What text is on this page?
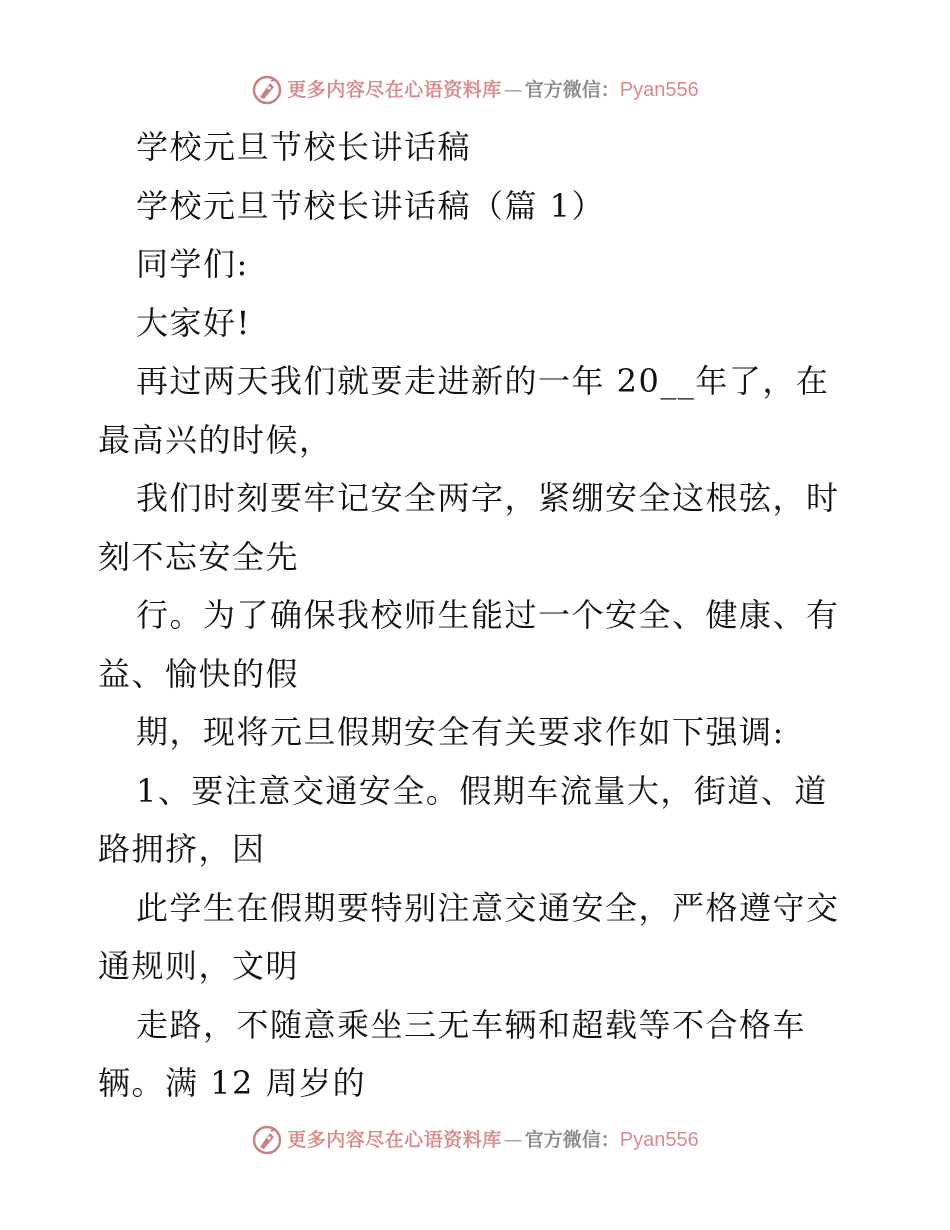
更多内容尽在心语资料库 — 官方微信： Pyan556

学校元旦节校长讲话稿

学校元旦节校长讲话稿（篇 1）

同学们:

大家好!

再过两天我们就要走进新的一年 20__年了，在
最高兴的时候，

我们时刻要牢记安全两字，紧绷安全这根弦，时
刻不忘安全先

行。为了确保我校师生能过一个安全、健康、有
益、愉快的假

期，现将元旦假期安全有关要求作如下强调:

1、要注意交通安全。假期车流量大，街道、道
路拥挤，因

此学生在假期要特别注意交通安全，严格遵守交
通规则，文明

走路，不随意乘坐三无车辆和超载等不合格车
辆。满 12 周岁的

更多内容尽在心语资料库 — 官方微信： Pyan556
